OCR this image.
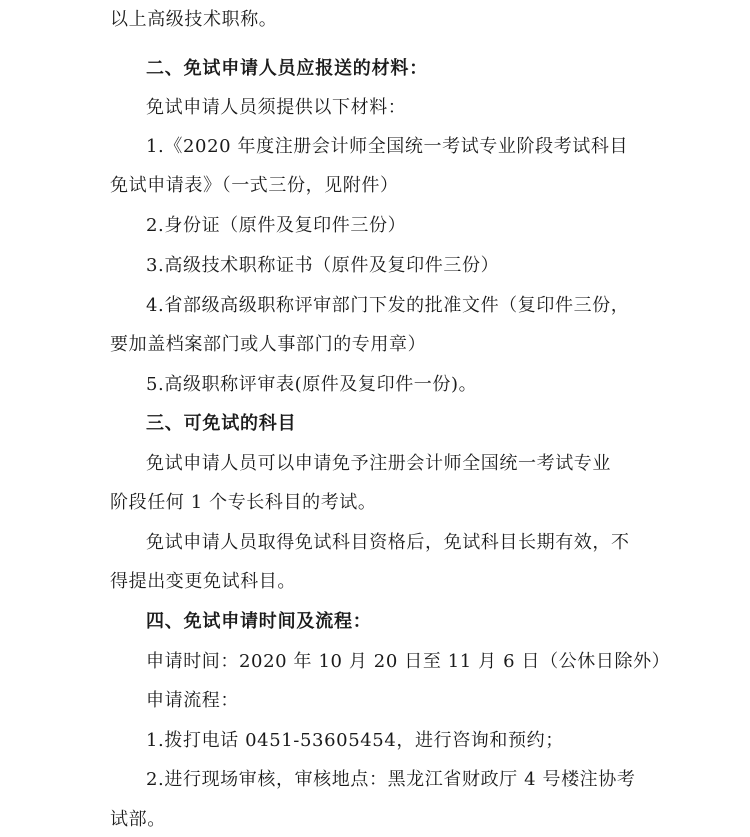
以上高级技术职称。
二、免试申请人员应报送的材料：
免试申请人员须提供以下材料：
1.《2020 年度注册会计师全国统一考试专业阶段考试科目
免试申请表》（一式三份，见附件）
2.身份证（原件及复印件三份）
3.高级技术职称证书（原件及复印件三份）
4.省部级高级职称评审部门下发的批准文件（复印件三份，
要加盖档案部门或人事部门的专用章）
5.高级职称评审表(原件及复印件一份)。
三、可免试的科目
免试申请人员可以申请免予注册会计师全国统一考试专业
阶段任何 1 个专长科目的考试。
免试申请人员取得免试科目资格后，免试科目长期有效，不
得提出变更免试科目。
四、免试申请时间及流程：
申请时间：2020 年 10 月 20 日至 11 月 6 日（公休日除外）
申请流程：
1.拨打电话 0451-53605454，进行咨询和预约；
2.进行现场审核，审核地点：黑龙江省财政厅 4 号楼注协考
试部。
